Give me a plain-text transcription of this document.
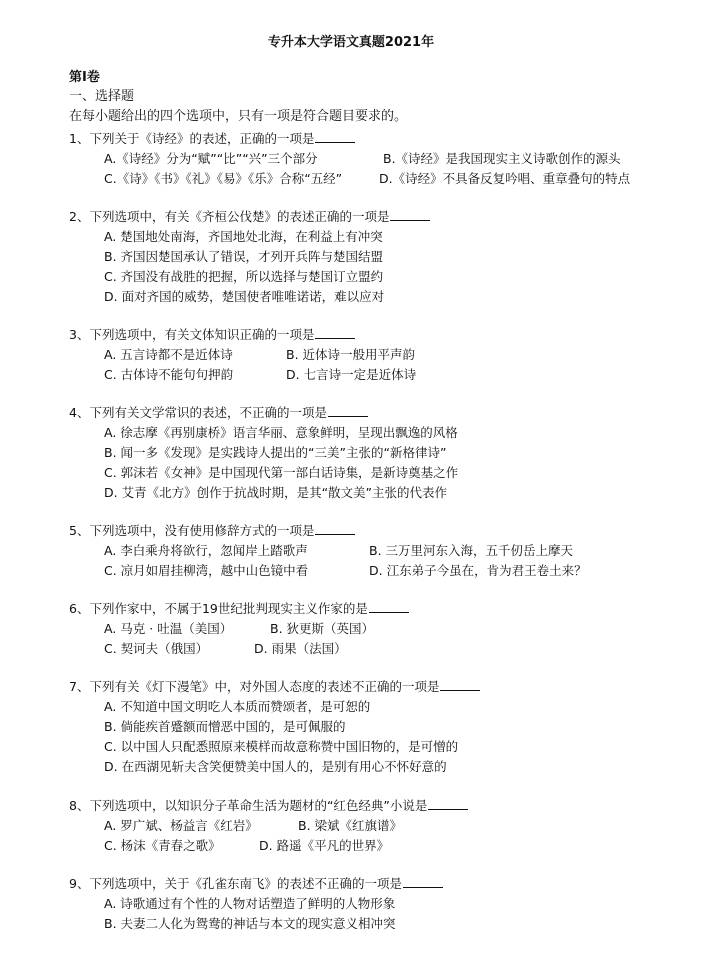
专升本大学语文真题2021年
第Ⅰ卷
一、选择题
在每小题给出的四个选项中，只有一项是符合题目要求的。
1、下列关于《诗经》的表述，正确的一项是
A.《诗经》分为“赋”“比”“兴”三个部分	B.《诗经》是我国现实主义诗歌创作的源头
C.《诗》《书》《礼》《易》《乐》合称“五经”	D.《诗经》不具备反复吟唱、重章叠句的特点
2、下列选项中，有关《齐桓公伐楚》的表述正确的一项是
A. 楚国地处南海，齐国地处北海，在利益上有冲突
B. 齐国因楚国承认了错误，才列开兵阵与楚国结盟
C. 齐国没有战胜的把握，所以选择与楚国订立盟约
D. 面对齐国的威势，楚国使者唯唯诺诺，难以应对
3、下列选项中，有关文体知识正确的一项是
A. 五言诗都不是近体诗	B. 近体诗一般用平声韵
C. 古体诗不能句句押韵	D. 七言诗一定是近体诗
4、下列有关文学常识的表述，不正确的一项是
A. 徐志摩《再别康桥》语言华丽、意象鲜明，呈现出飘逸的风格
B. 闻一多《发现》是实践诗人提出的“三美”主张的“新格律诗”
C. 郭沫若《女神》是中国现代第一部白话诗集，是新诗奠基之作
D. 艾青《北方》创作于抗战时期，是其“散文美”主张的代表作
5、下列选项中，没有使用修辞方式的一项是
A. 李白乘舟将欲行，忽闻岸上踏歌声	B. 三万里河东入海，五千仞岳上摩天
C. 凉月如眉挂柳湾，越中山色镜中看	D. 江东弟子今虽在，肯为君王卷土来？
6、下列作家中，不属于19世纪批判现实主义作家的是
A. 马克 · 吐温（美国）	B. 狄更斯（英国）
C. 契诃夫（俄国）	D. 雨果（法国）
7、下列有关《灯下漫笔》中，对外国人态度的表述不正确的一项是
A. 不知道中国文明吃人本质而赞颂者，是可恕的
B. 倘能疾首蹙额而憎恶中国的，是可佩服的
C. 以中国人只配悉照原来模样而故意称赞中国旧物的，是可憎的
D. 在西湖见斩夫含笑便赞美中国人的，是别有用心不怀好意的
8、下列选项中，以知识分子革命生活为题材的“红色经典”小说是
A. 罗广斌、杨益言《红岩》	B. 梁斌《红旗谱》
C. 杨沫《青春之歌》	D. 路遥《平凡的世界》
9、下列选项中，关于《孔雀东南飞》的表述不正确的一项是
A. 诗歌通过有个性的人物对话塑造了鲜明的人物形象
B. 夫妻二人化为鸳鸯的神话与本文的现实意义相冲突
